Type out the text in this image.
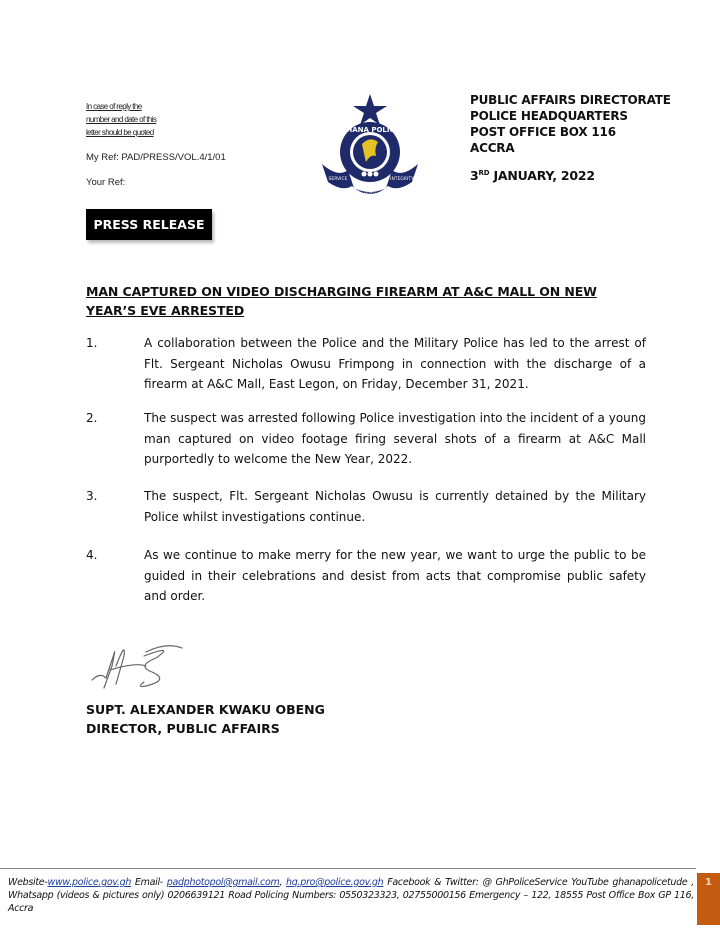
In case of reply the
number and date of this
letter should be quoted
My Ref: PAD/PRESS/VOL.4/1/01
Your Ref:
GHANA POLICE
SERVICE
WITH
INTEGRITY
PUBLIC AFFAIRS DIRECTORATE
POLICE HEADQUARTERS
POST OFFICE BOX 116
ACCRA
3RD JANUARY, 2022
PRESS RELEASE
MAN CAPTURED ON VIDEO DISCHARGING FIREARM AT A&C MALL ON NEW YEAR’S EVE ARRESTED
1.	A collaboration between the Police and the Military Police has led to the arrest of Flt. Sergeant Nicholas Owusu Frimpong in connection with the discharge of a firearm at A&C Mall, East Legon, on Friday, December 31, 2021.
2.	The suspect was arrested following Police investigation into the incident of a young man captured on video footage firing several shots of a firearm at A&C Mall purportedly to welcome the New Year, 2022.
3.	The suspect, Flt. Sergeant Nicholas Owusu is currently detained by the Military Police whilst investigations continue.
4.	As we continue to make merry for the new year, we want to urge the public to be guided in their celebrations and desist from acts that compromise public safety and order.
SUPT. ALEXANDER KWAKU OBENG
DIRECTOR, PUBLIC AFFAIRS
Website-www.police.gov.gh Email- padphotopol@gmail.com, hq.pro@police.gov.gh Facebook & Twitter: @ GhPoliceService YouTube ghanapolicetude , Whatsapp (videos & pictures only) 0206639121 Road Policing Numbers: 0550323323, 02755000156 Emergency – 122, 18555 Post Office Box GP 116, Accra
1
